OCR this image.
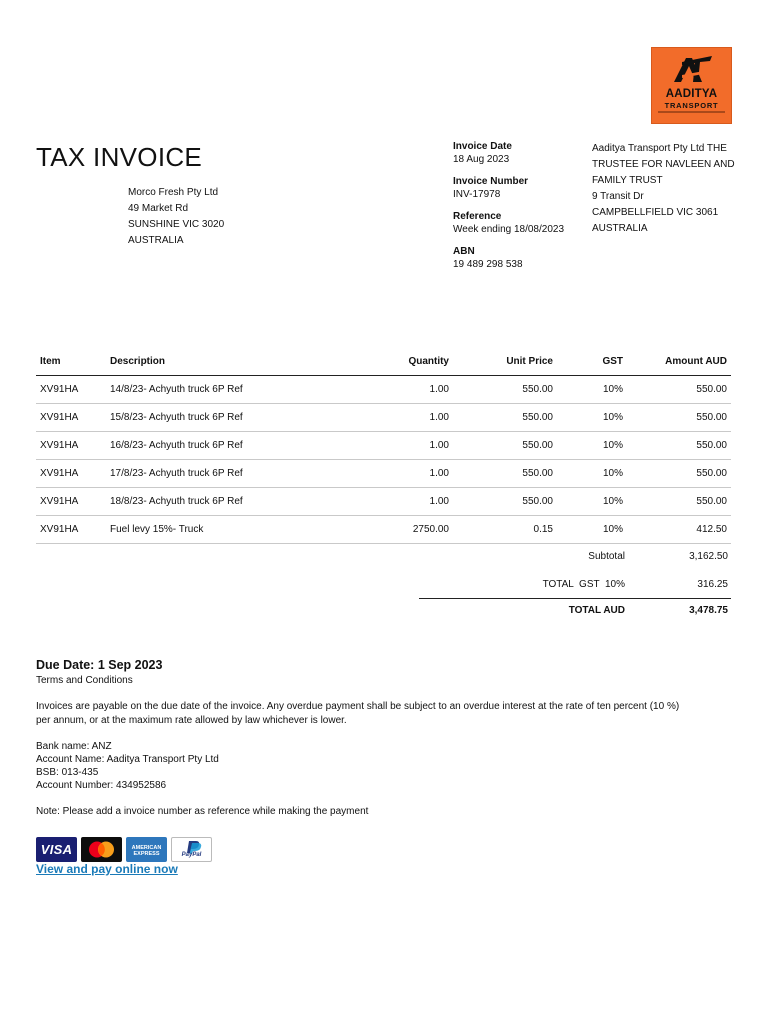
AADITYA
TRANSPORT
TAX INVOICE
Morco Fresh Pty Ltd
49 Market Rd
SUNSHINE VIC 3020
AUSTRALIA
Invoice Date
18 Aug 2023
Invoice Number
INV-17978
Reference
Week ending 18/08/2023
ABN
19 489 298 538
Aaditya Transport Pty Ltd THE
TRUSTEE FOR NAVLEEN AND
FAMILY TRUST
9 Transit Dr
CAMPBELLFIELD VIC 3061
AUSTRALIA
Item	Description	Quantity	Unit Price	GST	Amount AUD
XV91HA	14/8/23- Achyuth truck 6P Ref	1.00	550.00	10%	550.00
XV91HA	15/8/23- Achyuth truck 6P Ref	1.00	550.00	10%	550.00
XV91HA	16/8/23- Achyuth truck 6P Ref	1.00	550.00	10%	550.00
XV91HA	17/8/23- Achyuth truck 6P Ref	1.00	550.00	10%	550.00
XV91HA	18/8/23- Achyuth truck 6P Ref	1.00	550.00	10%	550.00
XV91HA	Fuel levy 15%- Truck	2750.00	0.15	10%	412.50
Subtotal	3,162.50
TOTAL  GST  10%	316.25
TOTAL AUD	3,478.75
Due Date: 1 Sep 2023
Terms and Conditions
Invoices are payable on the due date of the invoice. Any overdue payment shall be subject to an overdue interest at the rate of ten percent (10 %)
per annum, or at the maximum rate allowed by law whichever is lower.
Bank name: ANZ
Account Name: Aaditya Transport Pty Ltd
BSB: 013-435
Account Number: 434952586
Note: Please add a invoice number as reference while making the payment
VISA	AMERICAN EXPRESS	PayPal
View and pay online now
